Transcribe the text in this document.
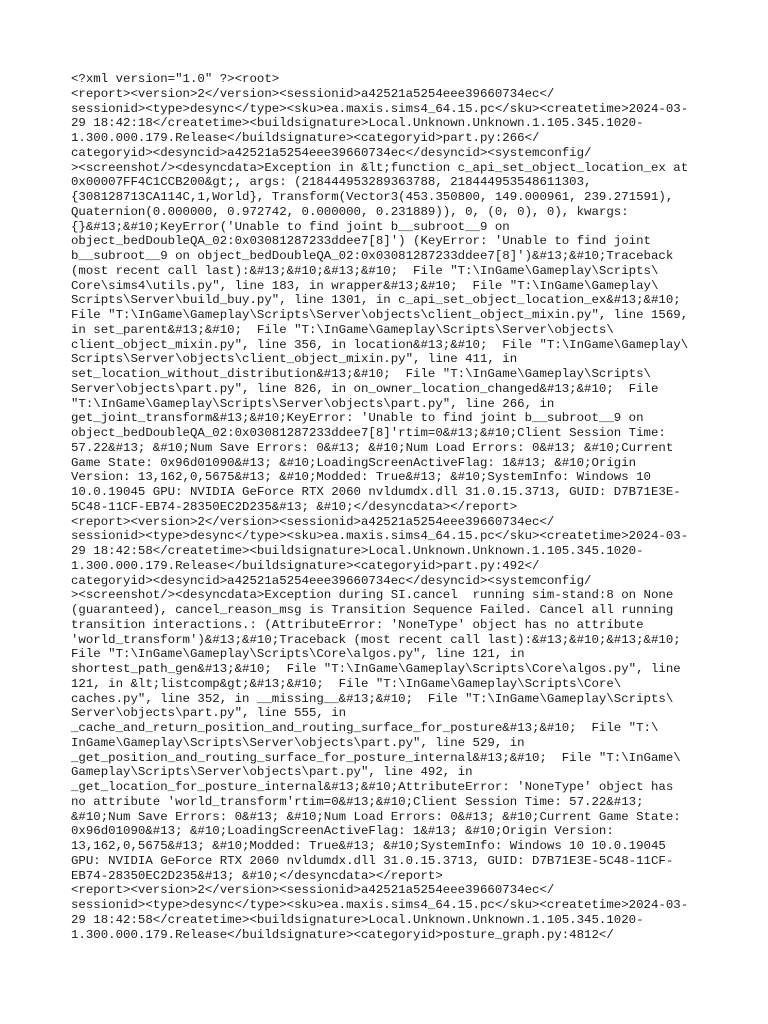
<?xml version="1.0" ?><root>
<report><version>2</version><sessionid>a42521a5254eee39660734ec</
sessionid><type>desync</type><sku>ea.maxis.sims4_64.15.pc</sku><createtime>2024-03-
29 18:42:18</createtime><buildsignature>Local.Unknown.Unknown.1.105.345.1020-
1.300.000.179.Release</buildsignature><categoryid>part.py:266</
categoryid><desyncid>a42521a5254eee39660734ec</desyncid><systemconfig/
><screenshot/><desyncdata>Exception in &lt;function c_api_set_object_location_ex at
0x00007FF4C1CCB200&gt;, args: (218444953289363788, 218444953548611303,
{308128713CA114C,1,World}, Transform(Vector3(453.350800, 149.000961, 239.271591),
Quaternion(0.000000, 0.972742, 0.000000, 0.231889)), 0, (0, 0), 0), kwargs:
{}&#13;&#10;KeyError('Unable to find joint b__subroot__9 on
object_bedDoubleQA_02:0x03081287233ddee7[8]') (KeyError: 'Unable to find joint
b__subroot__9 on object_bedDoubleQA_02:0x03081287233ddee7[8]')&#13;&#10;Traceback
(most recent call last):&#13;&#10;&#13;&#10;  File "T:\InGame\Gameplay\Scripts\
Core\sims4\utils.py", line 183, in wrapper&#13;&#10;  File "T:\InGame\Gameplay\
Scripts\Server\build_buy.py", line 1301, in c_api_set_object_location_ex&#13;&#10;
File "T:\InGame\Gameplay\Scripts\Server\objects\client_object_mixin.py", line 1569,
in set_parent&#13;&#10;  File "T:\InGame\Gameplay\Scripts\Server\objects\
client_object_mixin.py", line 356, in location&#13;&#10;  File "T:\InGame\Gameplay\
Scripts\Server\objects\client_object_mixin.py", line 411, in
set_location_without_distribution&#13;&#10;  File "T:\InGame\Gameplay\Scripts\
Server\objects\part.py", line 826, in on_owner_location_changed&#13;&#10;  File
"T:\InGame\Gameplay\Scripts\Server\objects\part.py", line 266, in
get_joint_transform&#13;&#10;KeyError: 'Unable to find joint b__subroot__9 on
object_bedDoubleQA_02:0x03081287233ddee7[8]'rtim=0&#13;&#10;Client Session Time:
57.22&#13; &#10;Num Save Errors: 0&#13; &#10;Num Load Errors: 0&#13; &#10;Current
Game State: 0x96d01090&#13; &#10;LoadingScreenActiveFlag: 1&#13; &#10;Origin
Version: 13,162,0,5675&#13; &#10;Modded: True&#13; &#10;SystemInfo: Windows 10
10.0.19045 GPU: NVIDIA GeForce RTX 2060 nvldumdx.dll 31.0.15.3713, GUID: D7B71E3E-
5C48-11CF-EB74-28350EC2D235&#13; &#10;</desyncdata></report>
<report><version>2</version><sessionid>a42521a5254eee39660734ec</
sessionid><type>desync</type><sku>ea.maxis.sims4_64.15.pc</sku><createtime>2024-03-
29 18:42:58</createtime><buildsignature>Local.Unknown.Unknown.1.105.345.1020-
1.300.000.179.Release</buildsignature><categoryid>part.py:492</
categoryid><desyncid>a42521a5254eee39660734ec</desyncid><systemconfig/
><screenshot/><desyncdata>Exception during SI.cancel  running sim-stand:8 on None
(guaranteed), cancel_reason_msg is Transition Sequence Failed. Cancel all running
transition interactions.: (AttributeError: 'NoneType' object has no attribute
'world_transform')&#13;&#10;Traceback (most recent call last):&#13;&#10;&#13;&#10;
File "T:\InGame\Gameplay\Scripts\Core\algos.py", line 121, in
shortest_path_gen&#13;&#10;  File "T:\InGame\Gameplay\Scripts\Core\algos.py", line
121, in &lt;listcomp&gt;&#13;&#10;  File "T:\InGame\Gameplay\Scripts\Core\
caches.py", line 352, in __missing__&#13;&#10;  File "T:\InGame\Gameplay\Scripts\
Server\objects\part.py", line 555, in
_cache_and_return_position_and_routing_surface_for_posture&#13;&#10;  File "T:\
InGame\Gameplay\Scripts\Server\objects\part.py", line 529, in
_get_position_and_routing_surface_for_posture_internal&#13;&#10;  File "T:\InGame\
Gameplay\Scripts\Server\objects\part.py", line 492, in
_get_location_for_posture_internal&#13;&#10;AttributeError: 'NoneType' object has
no attribute 'world_transform'rtim=0&#13;&#10;Client Session Time: 57.22&#13;
&#10;Num Save Errors: 0&#13; &#10;Num Load Errors: 0&#13; &#10;Current Game State:
0x96d01090&#13; &#10;LoadingScreenActiveFlag: 1&#13; &#10;Origin Version:
13,162,0,5675&#13; &#10;Modded: True&#13; &#10;SystemInfo: Windows 10 10.0.19045
GPU: NVIDIA GeForce RTX 2060 nvldumdx.dll 31.0.15.3713, GUID: D7B71E3E-5C48-11CF-
EB74-28350EC2D235&#13; &#10;</desyncdata></report>
<report><version>2</version><sessionid>a42521a5254eee39660734ec</
sessionid><type>desync</type><sku>ea.maxis.sims4_64.15.pc</sku><createtime>2024-03-
29 18:42:58</createtime><buildsignature>Local.Unknown.Unknown.1.105.345.1020-
1.300.000.179.Release</buildsignature><categoryid>posture_graph.py:4812</
